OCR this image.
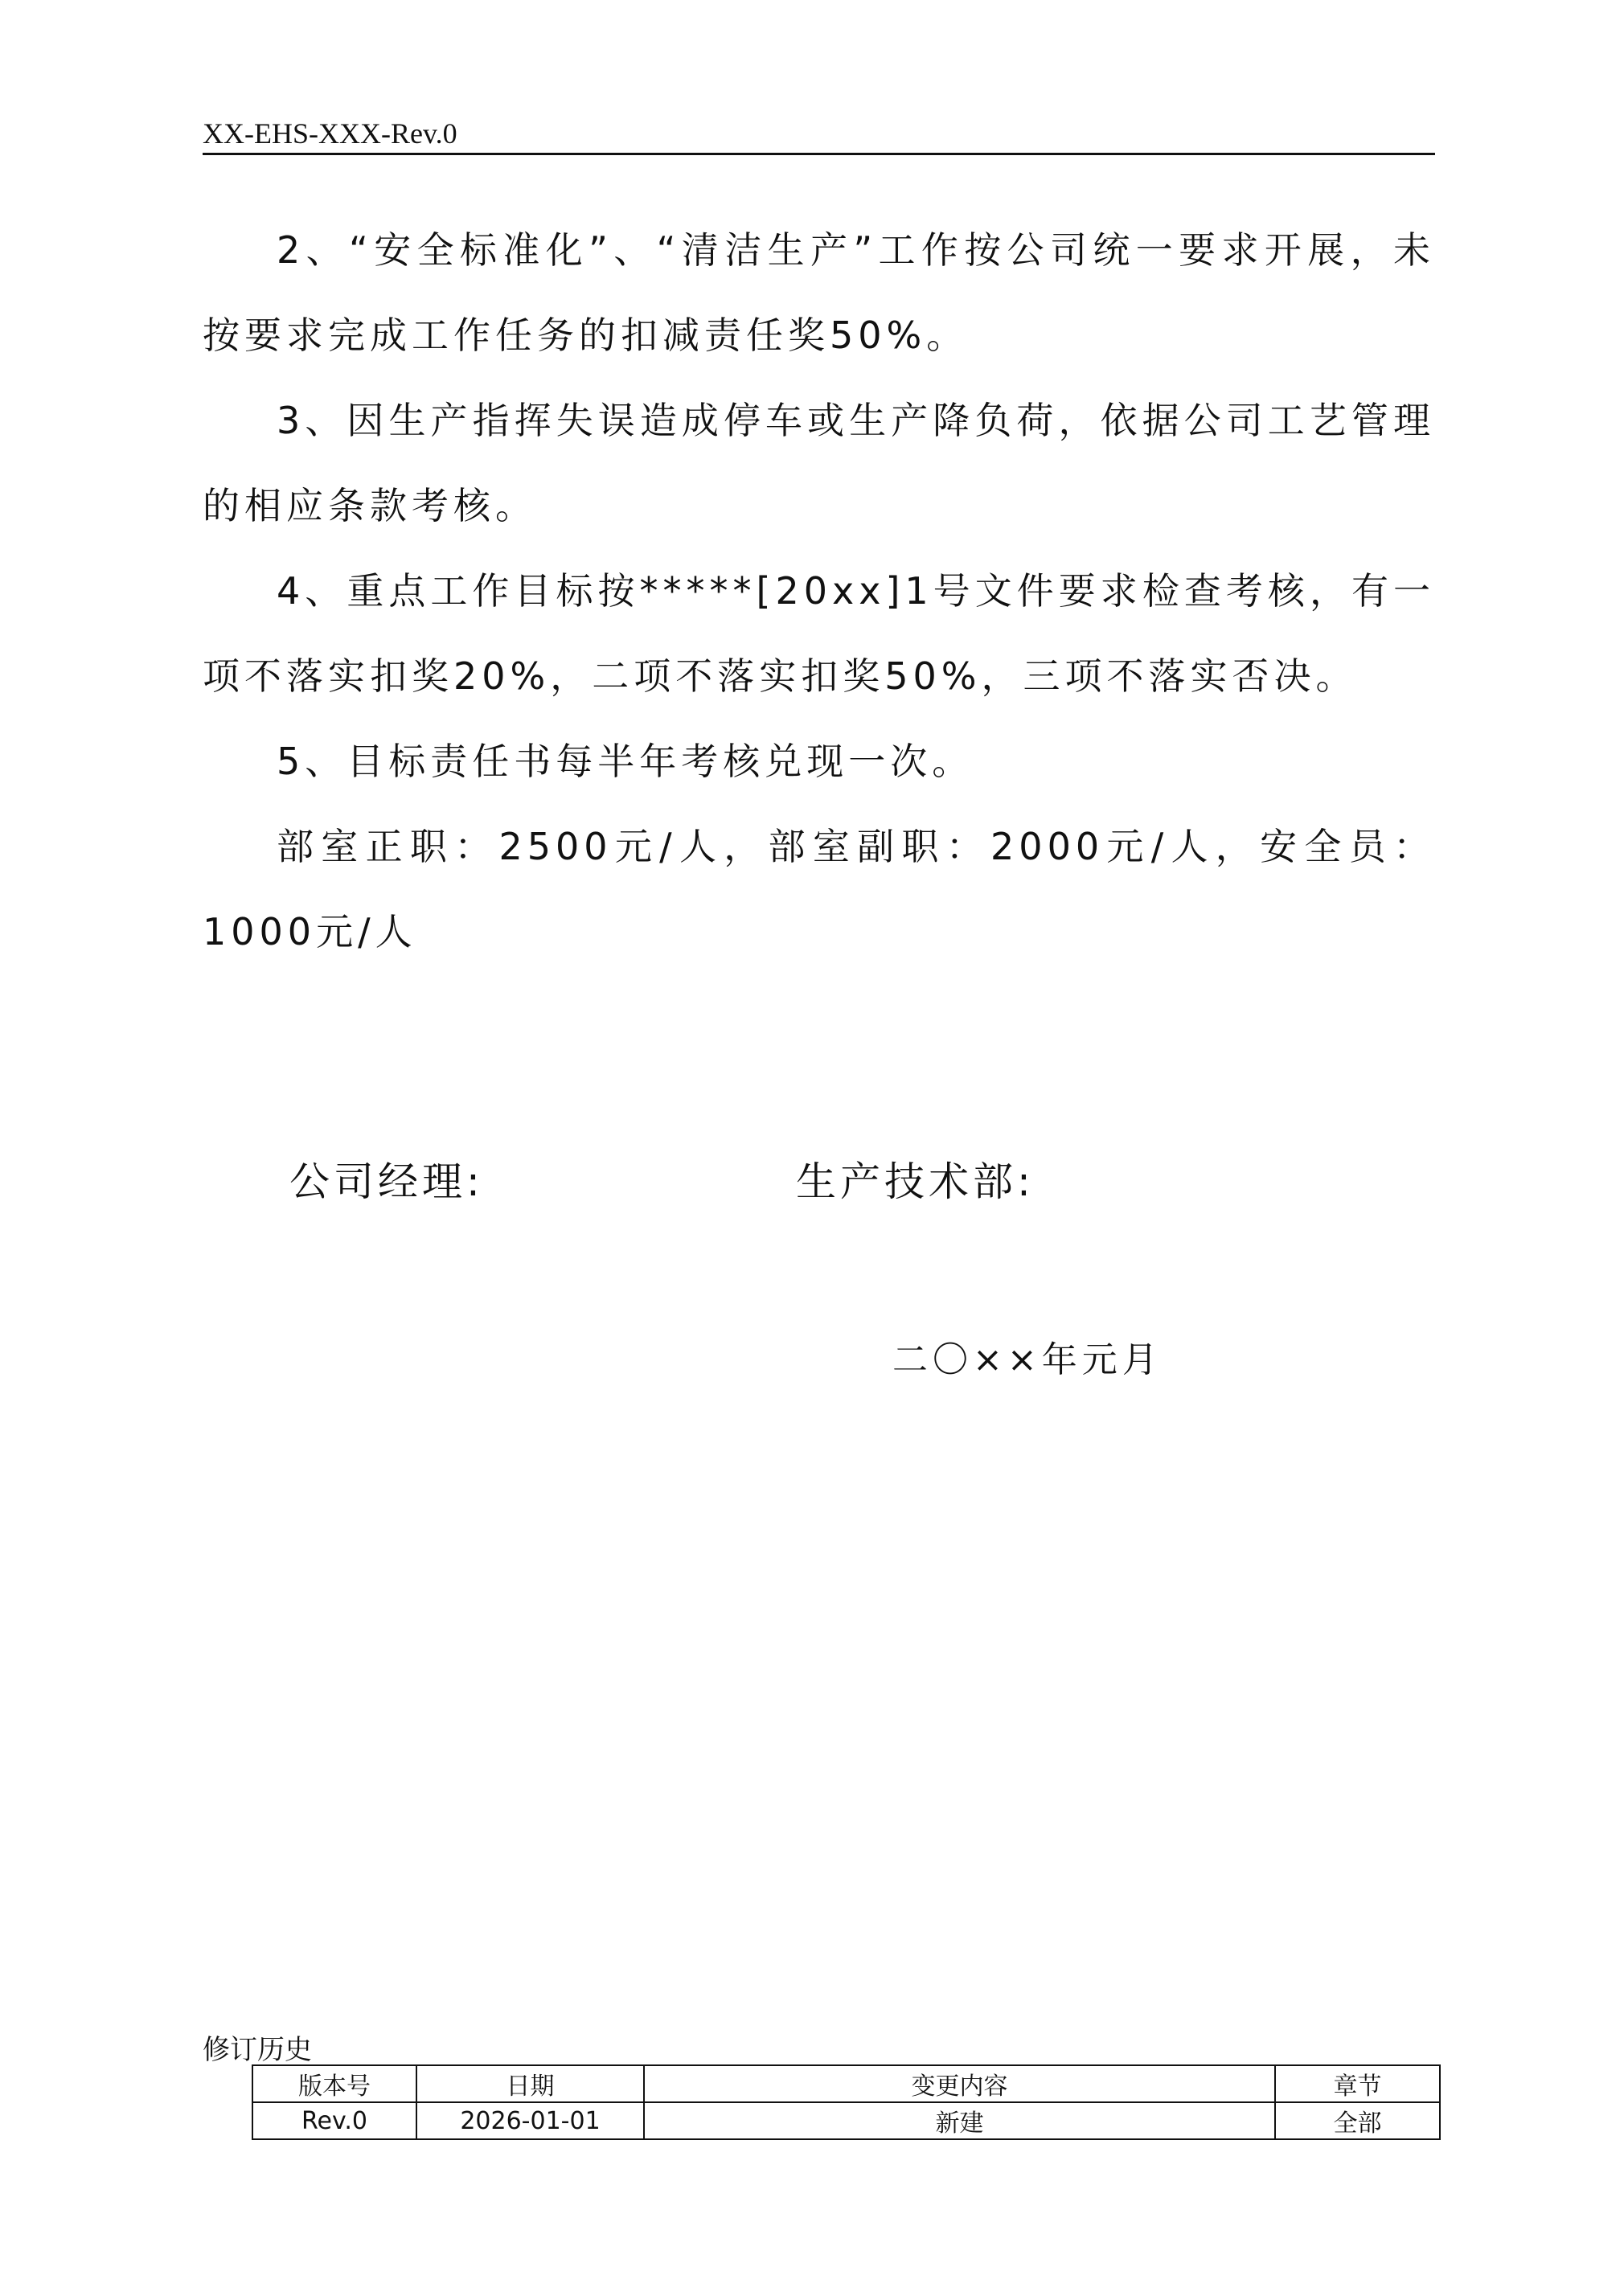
XX-EHS-XXX-Rev.0

2、“安全标准化”、“清洁生产”工作按公司统一要求开展，未按要求完成工作任务的扣减责任奖50%。

3、因生产指挥失误造成停车或生产降负荷，依据公司工艺管理的相应条款考核。

4、重点工作目标按*****[20xx]1号文件要求检查考核，有一项不落实扣奖20%，二项不落实扣奖50%，三项不落实否决。

5、目标责任书每半年考核兑现一次。

部室正职：2500元/人，部室副职：2000元/人，安全员：1000元/人

公司经理:	生产技术部:
二〇××年元月
修订历史
版本号	日期	变更内容	章节
Rev.0	2026-01-01	新建	全部
